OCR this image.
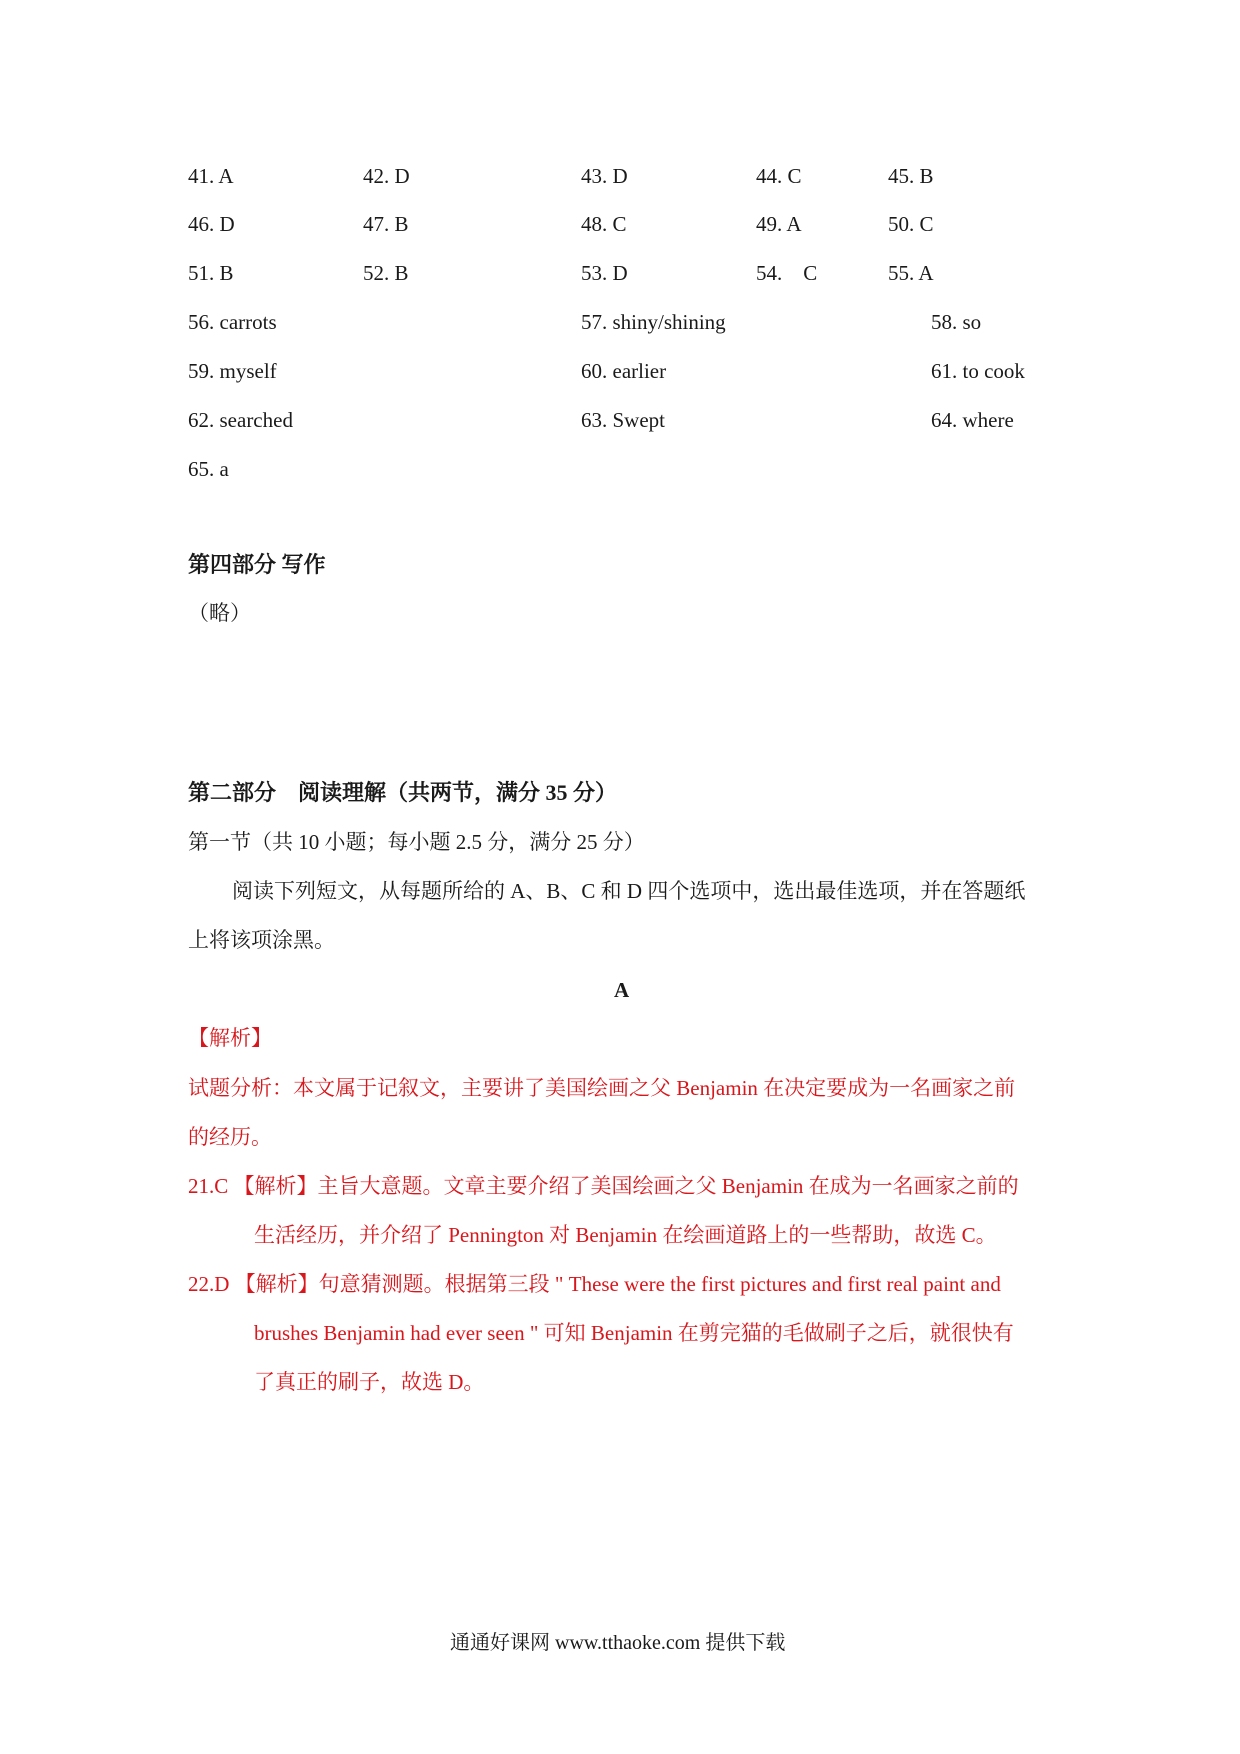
41. A	42. D	43. D	44. C	45. B
46. D	47. B	48. C	49. A	50. C
51. B	52. B	53. D	54.　C	55. A
56. carrots	57. shiny/shining	58. so
59. myself	60. earlier	61. to cook
62. searched	63. Swept	64. where
65. a
第四部分 写作
（略）
第二部分　阅读理解（共两节，满分 35 分）
第一节（共 10 小题；每小题 2.5 分，满分 25 分）
阅读下列短文，从每题所给的 A、B、C 和 D 四个选项中，选出最佳选项，并在答题纸
上将该项涂黑。
A
【解析】
试题分析：本文属于记叙文，主要讲了美国绘画之父 Benjamin 在决定要成为一名画家之前
的经历。
21.C 【解析】主旨大意题。文章主要介绍了美国绘画之父 Benjamin 在成为一名画家之前的
生活经历，并介绍了 Pennington 对 Benjamin 在绘画道路上的一些帮助，故选 C。
22.D 【解析】句意猜测题。根据第三段 " These were the first pictures and first real paint and
brushes Benjamin had ever seen " 可知 Benjamin 在剪完猫的毛做刷子之后，就很快有
了真正的刷子，故选 D。
通通好课网 www.tthaoke.com 提供下载
